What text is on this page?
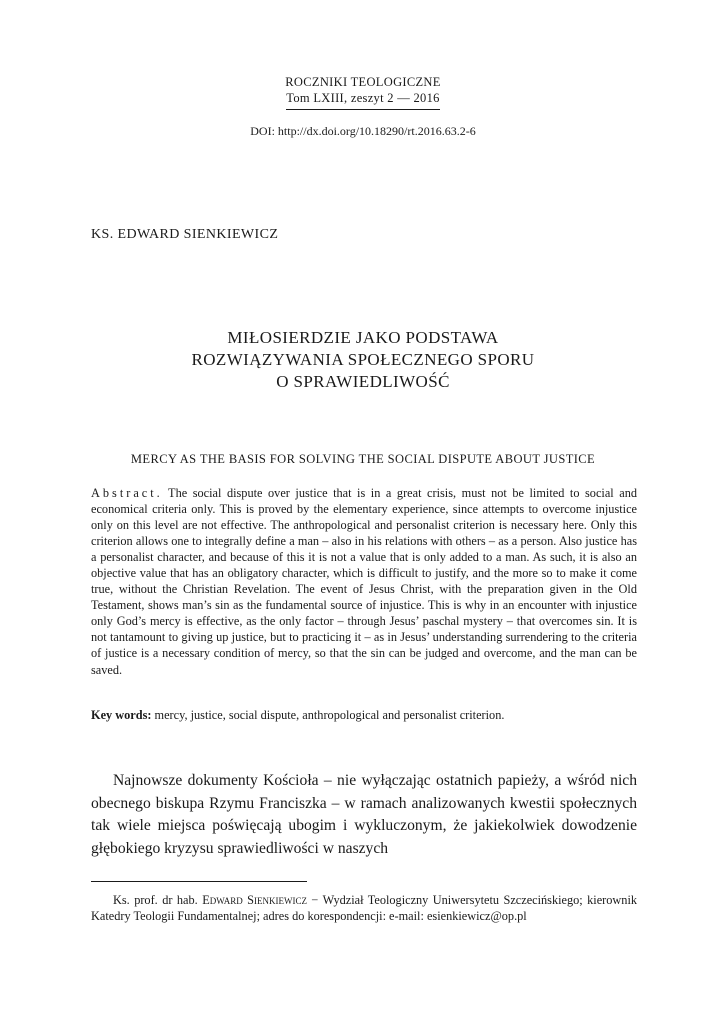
ROCZNIKI TEOLOGICZNE
Tom LXIII, zeszyt 2 — 2016
DOI: http://dx.doi.org/10.18290/rt.2016.63.2-6
KS. EDWARD SIENKIEWICZ
MIŁOSIERDZIE JAKO PODSTAWA
ROZWIĄZYWANIA SPOŁECZNEGO SPORU
O SPRAWIEDLIWOŚĆ
MERCY AS THE BASIS FOR SOLVING THE SOCIAL DISPUTE ABOUT JUSTICE
Abstract. The social dispute over justice that is in a great crisis, must not be limited to social and economical criteria only. This is proved by the elementary experience, since attempts to overcome injustice only on this level are not effective. The anthropological and personalist criterion is necessary here. Only this criterion allows one to integrally define a man – also in his relations with others – as a person. Also justice has a personalist character, and because of this it is not a value that is only added to a man. As such, it is also an objective value that has an obligatory character, which is difficult to justify, and the more so to make it come true, without the Christian Revelation. The event of Jesus Christ, with the preparation given in the Old Testament, shows man’s sin as the fundamental source of injustice. This is why in an encounter with injustice only God’s mercy is effective, as the only factor – through Jesus’ paschal mystery – that overcomes sin. It is not tantamount to giving up justice, but to practicing it – as in Jesus’ understanding surrendering to the criteria of justice is a necessary condition of mercy, so that the sin can be judged and overcome, and the man can be saved.
Key words: mercy, justice, social dispute, anthropological and personalist criterion.
Najnowsze dokumenty Kościoła – nie wyłączając ostatnich papieży, a wśród nich obecnego biskupa Rzymu Franciszka – w ramach analizowanych kwestii społecznych tak wiele miejsca poświęcają ubogim i wykluczonym, że jakiekolwiek dowodzenie głębokiego kryzysu sprawiedliwości w naszych
Ks. prof. dr hab. Edward Sienkiewicz − Wydział Teologiczny Uniwersytetu Szczecińskiego; kierownik Katedry Teologii Fundamentalnej; adres do korespondencji: e-mail: esienkiewicz@op.pl
